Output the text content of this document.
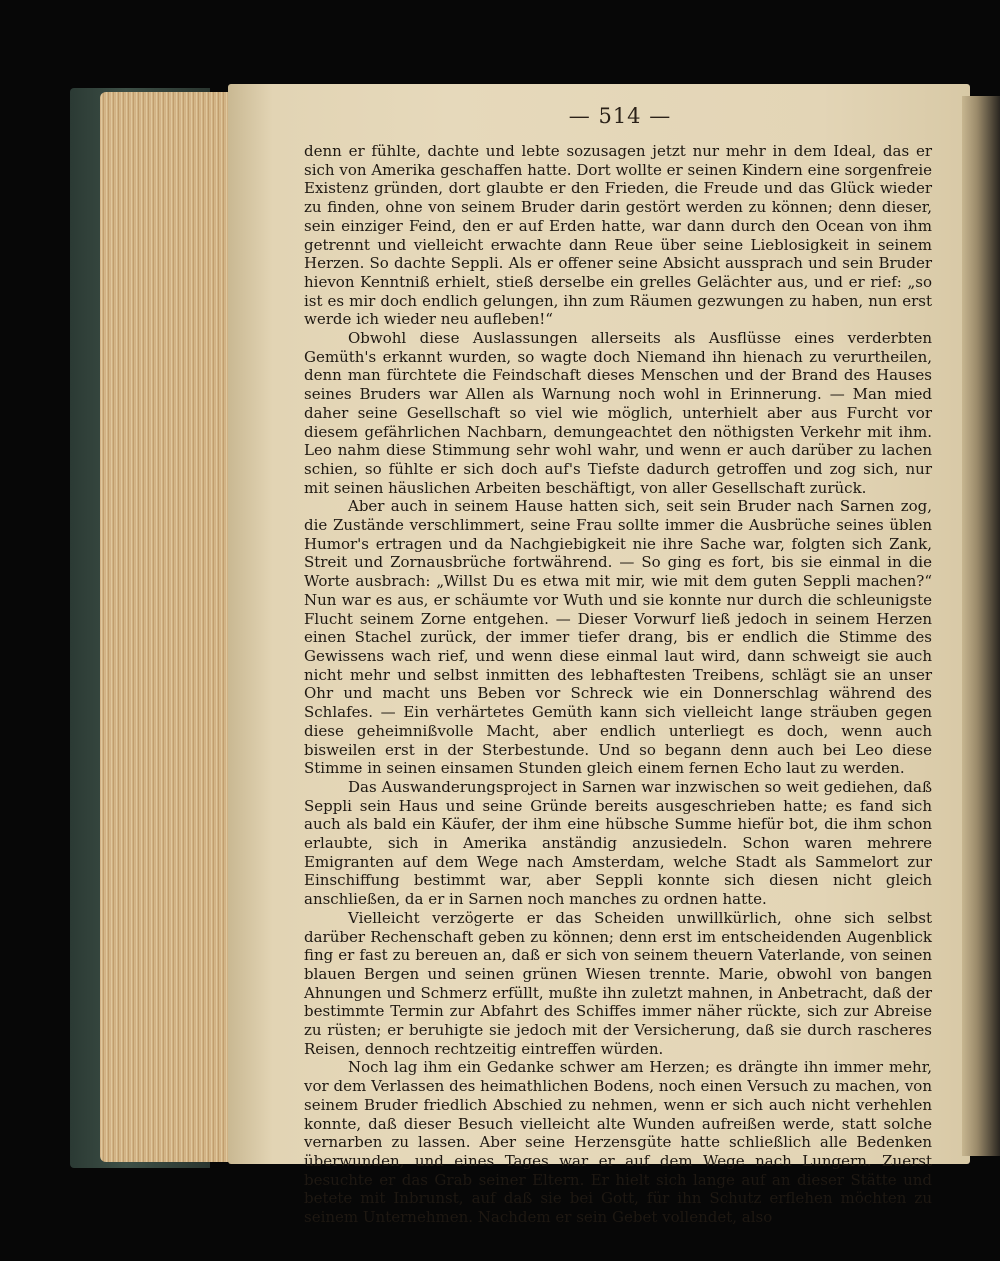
— 514 —

denn er fühlte, dachte und lebte sozusagen jetzt nur mehr in dem Ideal, das er sich von Amerika geschaffen hatte. Dort wollte er seinen Kindern eine sorgenfreie Existenz gründen, dort glaubte er den Frieden, die Freude und das Glück wieder zu finden, ohne von seinem Bruder darin gestört werden zu können; denn dieser, sein einziger Feind, den er auf Erden hatte, war dann durch den Ocean von ihm getrennt und vielleicht erwachte dann Reue über seine Lieblosigkeit in seinem Herzen. So dachte Seppli. Als er offener seine Absicht aussprach und sein Bruder hievon Kenntniß erhielt, stieß derselbe ein grelles Gelächter aus, und er rief: „so ist es mir doch endlich gelungen, ihn zum Räumen gezwungen zu haben, nun erst werde ich wieder neu aufleben!“

Obwohl diese Auslassungen allerseits als Ausflüsse eines verderbten Gemüth's erkannt wurden, so wagte doch Niemand ihn hienach zu verurtheilen, denn man fürchtete die Feindschaft dieses Menschen und der Brand des Hauses seines Bruders war Allen als Warnung noch wohl in Erinnerung. — Man mied daher seine Gesellschaft so viel wie möglich, unterhielt aber aus Furcht vor diesem gefährlichen Nachbarn, demungeachtet den nöthigsten Verkehr mit ihm. Leo nahm diese Stimmung sehr wohl wahr, und wenn er auch darüber zu lachen schien, so fühlte er sich doch auf's Tiefste dadurch getroffen und zog sich, nur mit seinen häuslichen Arbeiten beschäftigt, von aller Gesellschaft zurück.

Aber auch in seinem Hause hatten sich, seit sein Bruder nach Sarnen zog, die Zustände verschlimmert, seine Frau sollte immer die Ausbrüche seines üblen Humor's ertragen und da Nachgiebigkeit nie ihre Sache war, folgten sich Zank, Streit und Zornausbrüche fortwährend. — So ging es fort, bis sie einmal in die Worte ausbrach: „Willst Du es etwa mit mir, wie mit dem guten Seppli machen?“ Nun war es aus, er schäumte vor Wuth und sie konnte nur durch die schleunigste Flucht seinem Zorne entgehen. — Dieser Vorwurf ließ jedoch in seinem Herzen einen Stachel zurück, der immer tiefer drang, bis er endlich die Stimme des Gewissens wach rief, und wenn diese einmal laut wird, dann schweigt sie auch nicht mehr und selbst inmitten des lebhaftesten Treibens, schlägt sie an unser Ohr und macht uns Beben vor Schreck wie ein Donnerschlag während des Schlafes. — Ein verhärtetes Gemüth kann sich vielleicht lange sträuben gegen diese geheimnißvolle Macht, aber endlich unterliegt es doch, wenn auch bisweilen erst in der Sterbestunde. Und so begann denn auch bei Leo diese Stimme in seinen einsamen Stunden gleich einem fernen Echo laut zu werden.

Das Auswanderungsproject in Sarnen war inzwischen so weit gediehen, daß Seppli sein Haus und seine Gründe bereits ausgeschrieben hatte; es fand sich auch als bald ein Käufer, der ihm eine hübsche Summe hiefür bot, die ihm schon erlaubte, sich in Amerika anständig anzusiedeln. Schon waren mehrere Emigranten auf dem Wege nach Amsterdam, welche Stadt als Sammelort zur Einschiffung bestimmt war, aber Seppli konnte sich diesen nicht gleich anschließen, da er in Sarnen noch manches zu ordnen hatte.

Vielleicht verzögerte er das Scheiden unwillkürlich, ohne sich selbst darüber Rechenschaft geben zu können; denn erst im entscheidenden Augenblick fing er fast zu bereuen an, daß er sich von seinem theuern Vaterlande, von seinen blauen Bergen und seinen grünen Wiesen trennte. Marie, obwohl von bangen Ahnungen und Schmerz erfüllt, mußte ihn zuletzt mahnen, in Anbetracht, daß der bestimmte Termin zur Abfahrt des Schiffes immer näher rückte, sich zur Abreise zu rüsten; er beruhigte sie jedoch mit der Versicherung, daß sie durch rascheres Reisen, dennoch rechtzeitig eintreffen würden.

Noch lag ihm ein Gedanke schwer am Herzen; es drängte ihn immer mehr, vor dem Verlassen des heimathlichen Bodens, noch einen Versuch zu machen, von seinem Bruder friedlich Abschied zu nehmen, wenn er sich auch nicht verhehlen konnte, daß dieser Besuch vielleicht alte Wunden aufreißen werde, statt solche vernarben zu lassen. Aber seine Herzensgüte hatte schließlich alle Bedenken überwunden, und eines Tages war er auf dem Wege nach Lungern. Zuerst besuchte er das Grab seiner Eltern. Er hielt sich lange auf an dieser Stätte und betete mit Inbrunst, auf daß sie bei Gott, für ihn Schutz erflehen möchten zu seinem Unternehmen. Nachdem er sein Gebet vollendet, also
